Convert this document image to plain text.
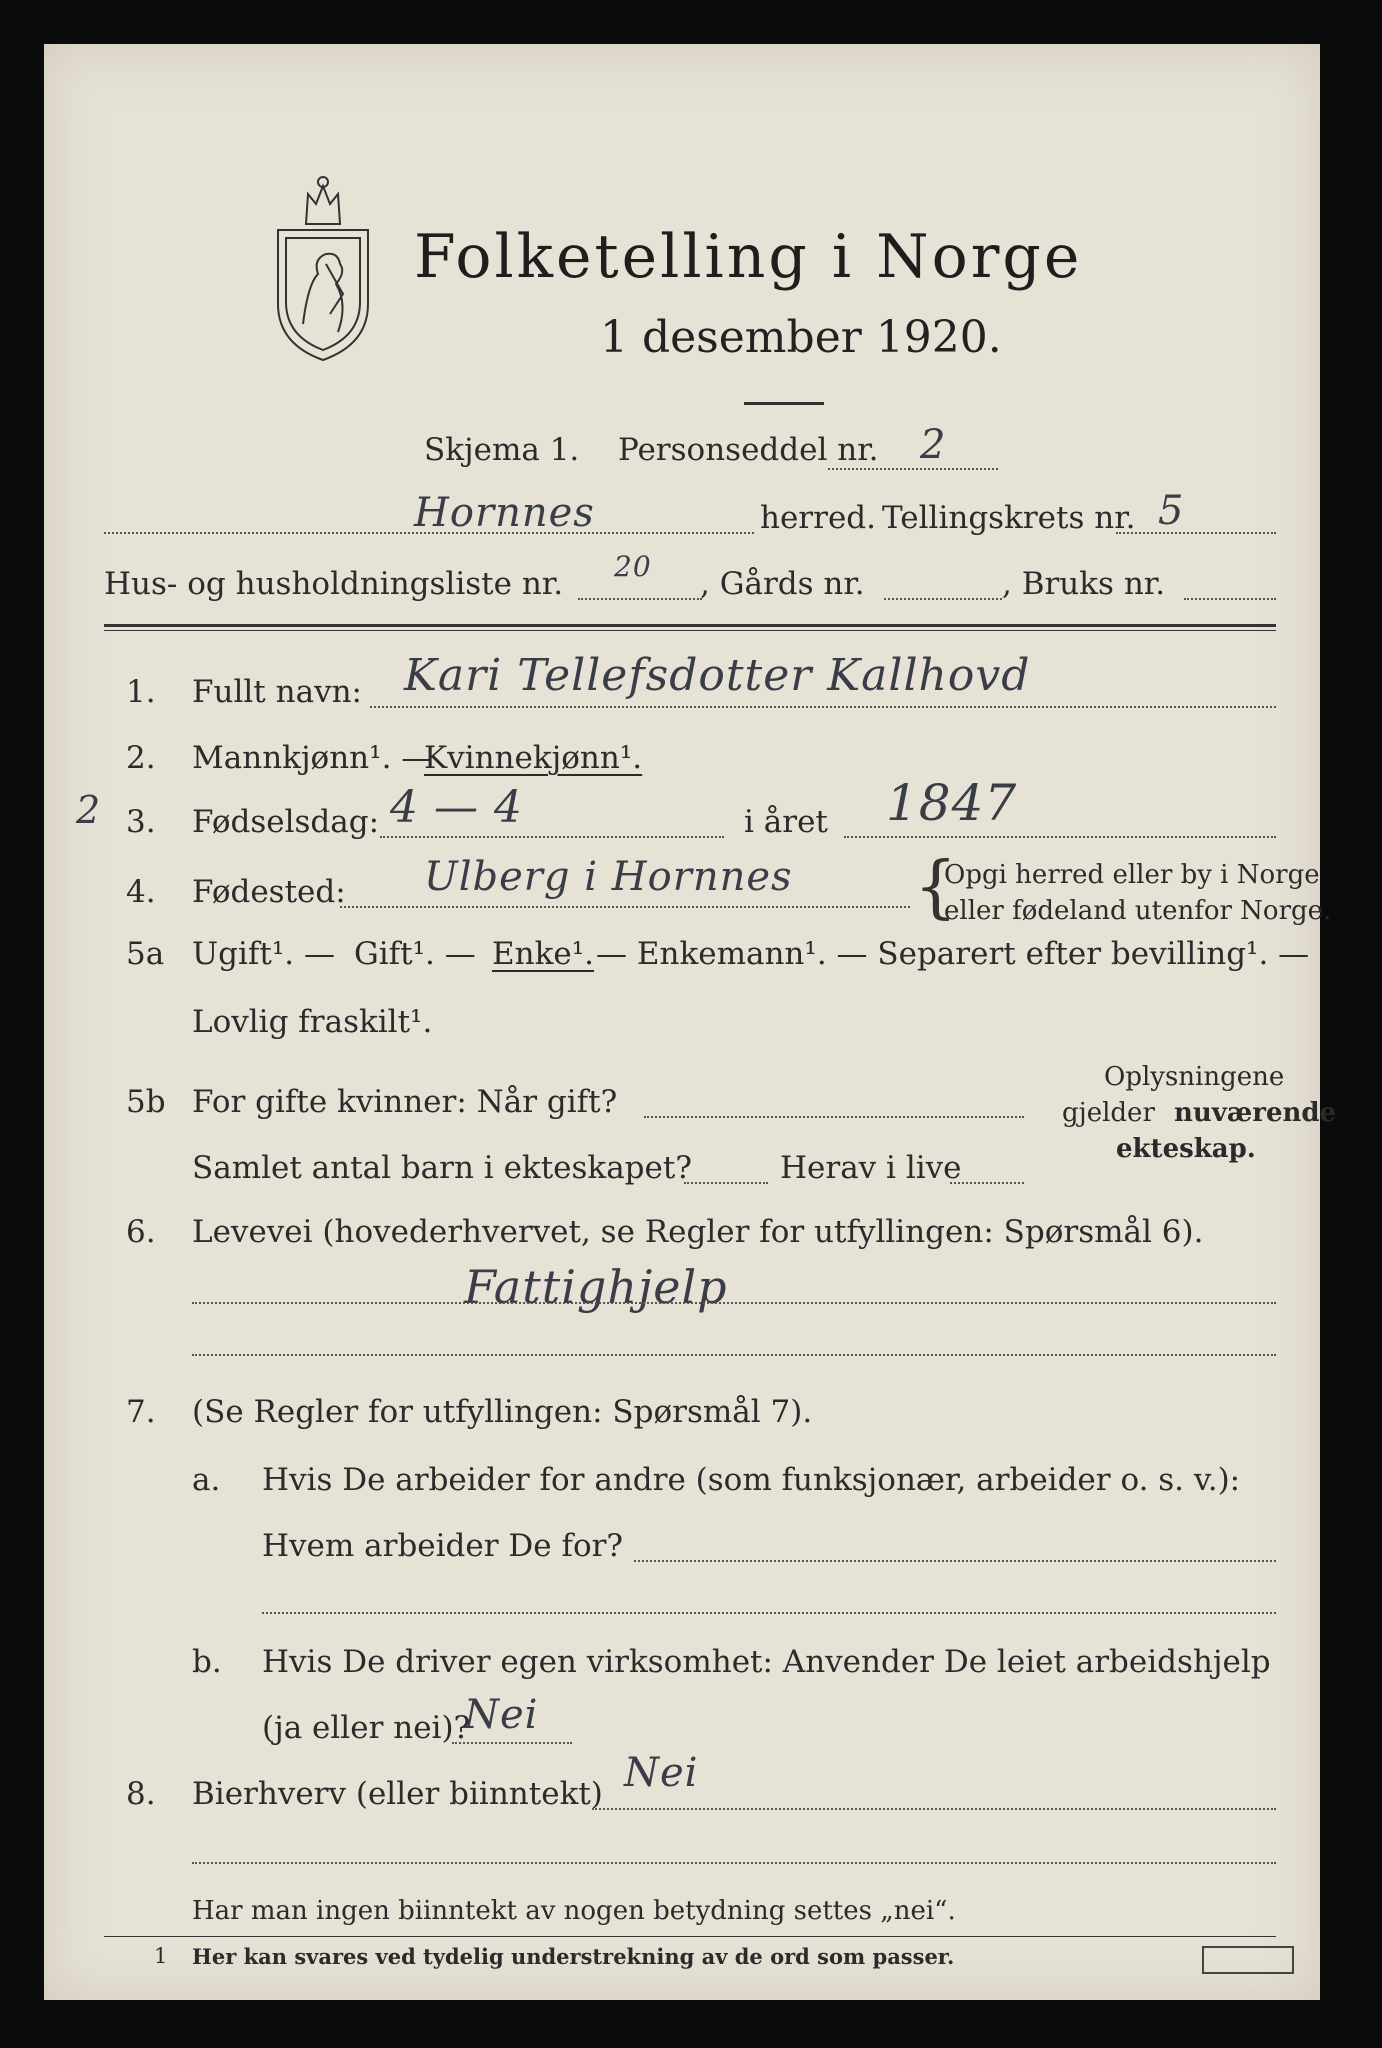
Folketelling i Norge
1 desember 1920.
Skjema 1. Personseddel nr. 2
Hornnes	herred. Tellingskrets nr. 5
Hus- og husholdningsliste nr. 20 , Gårds nr.	, Bruks nr.
1. Fullt navn: Kari Tellefsdotter Kallhovd
2. Mannkjønn¹. —
Kvinnekjønn¹.
2 3. Fødselsdag: 4 — 4	i året 1847
4. Fødested: Ulberg i Hornnes {
Opgi herred eller by i Norge
eller fødeland utenfor Norge.
5a Ugift¹. — Gift¹. — Enke¹. — Enkemann¹. — Separert efter bevilling¹. —
Lovlig fraskilt¹.
5b For gifte kvinner: Når gift?
Samlet antal barn i ekteskapet?	Herav i live
Oplysningene
gjelder nuværende
ekteskap.
6. Levevei (hovederhvervet, se Regler for utfyllingen: Spørsmål 6).
Fattighjelp
7. (Se Regler for utfyllingen: Spørsmål 7).
a. Hvis De arbeider for andre (som funksjonær, arbeider o. s. v.):
Hvem arbeider De for?
b. Hvis De driver egen virksomhet: Anvender De leiet arbeidshjelp
(ja eller nei)?
Nei
8. Bierhverv (eller biinntekt) Nei
Har man ingen biinntekt av nogen betydning settes „nei“.
1 Her kan svares ved tydelig understrekning av de ord som passer.
